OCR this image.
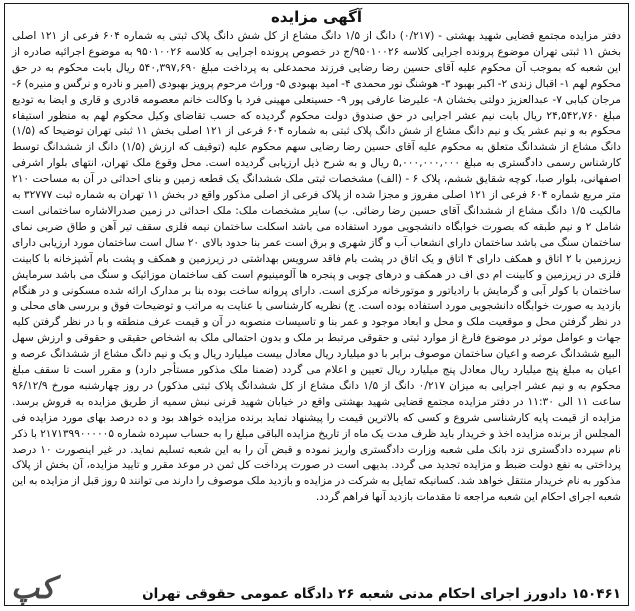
آگهی مزایده

دفتر مزایده مجتمع قضایی شهید بهشتی - (۰/۲۱۷) دانگ از ۱/۵ دانگ مشاع از کل شش دانگ پلاک ثبتی به شماره ۶۰۴ فرعی از ۱۲۱ اصلی بخش ۱۱ ثبتی تهران موضوع پرونده اجرایی کلاسه ۹۵۰۱۰۰۲۶/ج در خصوص پرونده اجرایی به کلاسه ۹۵۰۱۰۰۲۶ به موضوع اجرائیه صادره از این شعبه که بموجب آن محکوم علیه آقای حسین رضا رضایی فرزند محمدعلی به پرداخت مبلغ ۵۴۰,۳۹۷,۶۹۰ ریال بابت محکوم به در حق محکوم لهم ۱- اقبال زندی ۲- اکبر بهبود ۳- هوشنگ نور محمدی ۴- امید بهبودی ۵- وراث مرحوم پرویز بهبودی (امیر و نادره و نرگس و منیره) ۶- مرجان کبابی ۷- عبدالعزیز دولتی بخشان ۸- علیرضا عارفی پور ۹- حسینعلی مهینی فرد با وکالت خانم معصومه قادری و قاری و ایضا به تودیع مبلغ ۲۴,۵۴۲,۷۶۰ ریال بابت نیم عشر اجرایی در حق صندوق دولت محکوم گردیده که حسب تقاضای وکیل محکوم لهم به منظور استیفاء محکوم به و نیم عشر یک و نیم دانگ مشاع از شش دانگ پلاک ثبتی به شماره ۶۰۴ فرعی از ۱۲۱ اصلی بخش ۱۱ ثبتی تهران توضیحا که (۱/۵) دانگ مشاع از ششدانگ متعلق به محکوم علیه آقای حسین رضا رضایی سهم محکوم علیه (توقیف که ارزش (۱/۵) دانگ از ششدانگ توسط کارشناس رسمی دادگستری به مبلغ ۵,۰۰۰,۰۰۰,۰۰۰ ریال و به شرح ذیل ارزیابی گردیده است. محل وقوع ملک تهران، انتهای بلوار اشرفی اصفهانی، بلوار صبا، کوچه شقایق ششم، پلاک ۶ - (الف) مشخصات ثبتی ملک ششدانگ یک قطعه زمین و بنای احداثی در آن به مساحت ۲۱۰ متر مربع شماره ۶۰۴ فرعی از ۱۲۱ اصلی مفروز و مجزا شده از پلاک فرعی از اصلی مذکور واقع در بخش ۱۱ تهران به شماره ثبت ۳۲۷۷۷ به مالکیت ۱/۵ دانگ مشاع از ششدانگ آقای حسین رضا رضائی. ب) سایر مشخصات ملک: ملک احداثی در زمین صدرالاشاره ساختمانی است شامل ۲ و نیم طبقه که بصورت خوابگاه دانشجویی مورد استفاده می باشد اسکلت ساختمان نیمه فلزی سقف تیر آهن و طاق ضربی نمای ساختمان سنگ می باشد ساختمان دارای انشعاب آب و گاز شهری و برق است عمر بنا حدود بالای ۲۰ سال است ساختمان مورد ارزیابی دارای زیرزمین با ۲ اتاق و همکف دارای ۴ اتاق و یک اتاق در پشت بام فاقد سرویس بهداشتی در زیرزمین و همکف و پشت بام آشپزخانه با کابینت فلزی در زیرزمین و کابینت ام دی اف در همکف و درهای چوبی و پنجره ها آلومینیوم است کف ساختمان موزائیک و سنگ می باشد سرمایش ساختمان با کولر آبی و گرمایش با رادیاتور و موتورخانه مرکزی است. دارای پروانه ساخت بوده بنا بر مدارک ارائه شده مسکونی و در هنگام بازدید به صورت خوابگاه دانشجویی مورد استفاده بوده است. ج) نظریه کارشناسی با عنایت به مراتب و توضیحات فوق و بررسی های محلی و در نظر گرفتن محل و موقعیت ملک و محل و ابعاد موجود و عمر بنا و تاسیسات منصوبه در آن و قیمت عرف منطقه و با در نظر گرفتن کلیه جهات و عوامل موثر در موضوع فارغ از موارد ثبتی و حقوقی مرتبط بر ملک و بدون احتمالی ملک به اشخاص حقیقی و حقوقی و ارزش سهل البیع ششدانگ عرصه و اعیان ساختمان موصوف برابر با دو میلیارد ریال معادل بیست میلیارد ریال و یک و نیم دانگ مشاع از ششدانگ عرصه و اعیان به مبلغ پنج میلیارد ریال معادل پنج میلیارد ریال تعیین و اعلام می گردد (ضمنا ملک مذکور مستأجر دارد) و مقرر است تا سقف مبلغ محکوم به و نیم عشر اجرایی به میزان ۰/۲۱۷ دانگ از ۱/۵ دانگ مشاع از کل ششدانگ پلاک ثبتی مذکور) در روز چهارشنبه مورخ ۹۶/۱۲/۹ ساعت ۱۱ الی ۱۱:۳۰ در دفتر مزایده مجتمع قضایی شهید بهشتی واقع در خیابان شهید قرنی نبش سمیه از طریق مزایده به فروش برسد. مزایده از قیمت پایه کارشناسی شروع و کسی که بالاترین قیمت را پیشنهاد نماید برنده مزایده خواهد بود و ده درصد بهای مورد مزایده فی المجلس از برنده مزایده اخذ و خریدار باید ظرف مدت یک ماه از تاریخ مزایده الباقی مبلغ را به حساب سپرده شماره ۲۱۷۱۳۹۹۰۰۰۰۰۵ با ذکر نام سپرده دادگستری نزد بانک ملی شعبه وزارت دادگستری واریز نموده و قبض آن را به این شعبه تسلیم نماید. در غیر اینصورت ۱۰ درصد پرداختی به نفع دولت ضبط و مزایده تجدید می گردد. بدیهی است در صورت پرداخت کل ثمن در موعد مقرر و تایید مزایده، آن بخش از پلاک مذکور به نام خریدار منتقل خواهد شد. کسانیکه تمایل به شرکت در مزایده و بازدید ملک موصوف را دارند می توانند ۵ روز قبل از مزایده به این شعبه اجرای احکام این شعبه مراجعه تا مقدمات بازدید آنها فراهم گردد.

۱۵۰۴۶۱ دادورز اجرای احکام مدنی شعبه ۲۶ دادگاه عمومی حقوقی تهران
کپ
